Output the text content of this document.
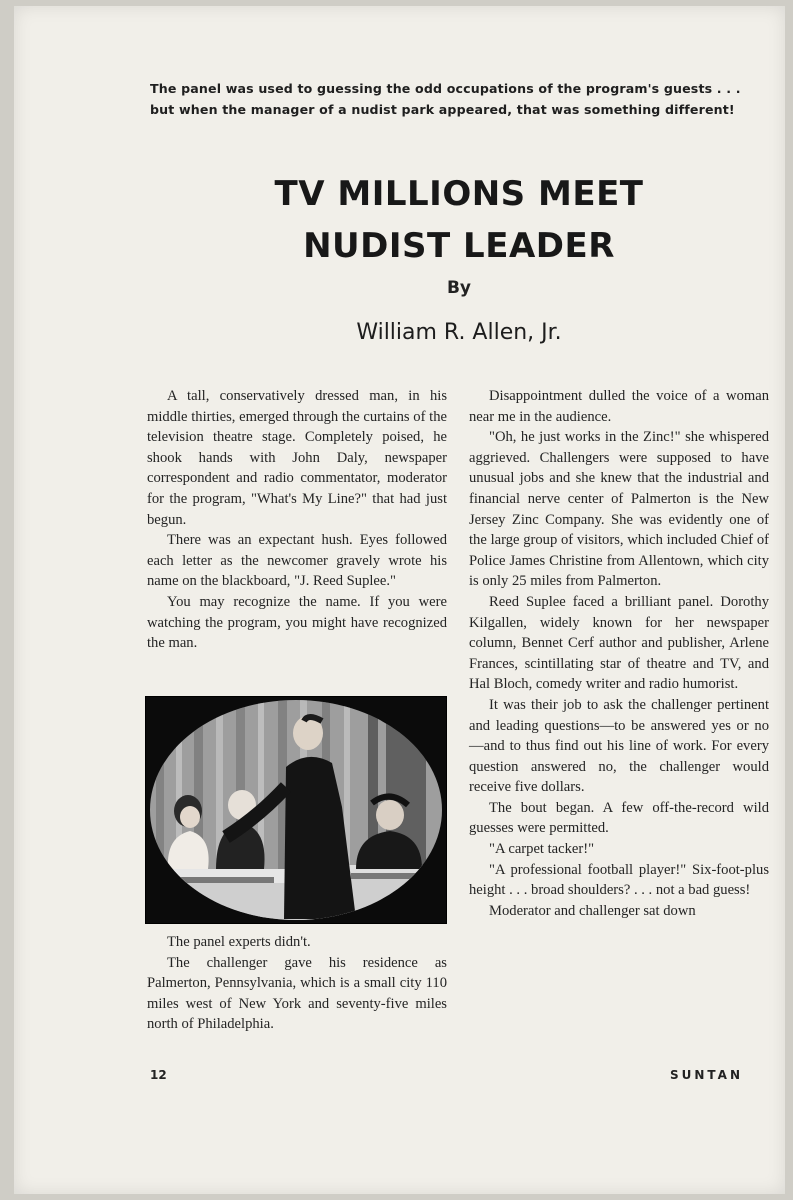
The panel was used to guessing the odd occupations of the program's guests . . .
but when the manager of a nudist park appeared, that was something different!
TV MILLIONS MEET
NUDIST LEADER
By
William R. Allen, Jr.

A tall, conservatively dressed man, in his middle thirties, emerged through the curtains of the television theatre stage. Completely poised, he shook hands with John Daly, newspaper correspondent and radio commentator, moderator for the program, "What's My Line?" that had just begun.

There was an expectant hush. Eyes followed each letter as the newcomer gravely wrote his name on the blackboard, "J. Reed Suplee."

You may recognize the name. If you were watching the program, you might have recognized the man.

The panel experts didn't.

The challenger gave his residence as Palmerton, Pennsylvania, which is a small city 110 miles west of New York and seventy-five miles north of Philadelphia.

Disappointment dulled the voice of a woman near me in the audience.

"Oh, he just works in the Zinc!" she whispered aggrieved. Challengers were supposed to have unusual jobs and she knew that the industrial and financial nerve center of Palmerton is the New Jersey Zinc Company. She was evidently one of the large group of visitors, which included Chief of Police James Christine from Allentown, which city is only 25 miles from Palmerton.

Reed Suplee faced a brilliant panel. Dorothy Kilgallen, widely known for her newspaper column, Bennet Cerf author and publisher, Arlene Frances, scintillating star of theatre and TV, and Hal Bloch, comedy writer and radio humorist.

It was their job to ask the challenger pertinent and leading questions—to be answered yes or no—and to thus find out his line of work. For every question answered no, the challenger would receive five dollars.

The bout began. A few off-the-record wild guesses were permitted.

"A carpet tacker!"

"A professional football player!" Six-foot-plus height . . . broad shoulders? . . . not a bad guess!

Moderator and challenger sat down

12	SUNTAN
